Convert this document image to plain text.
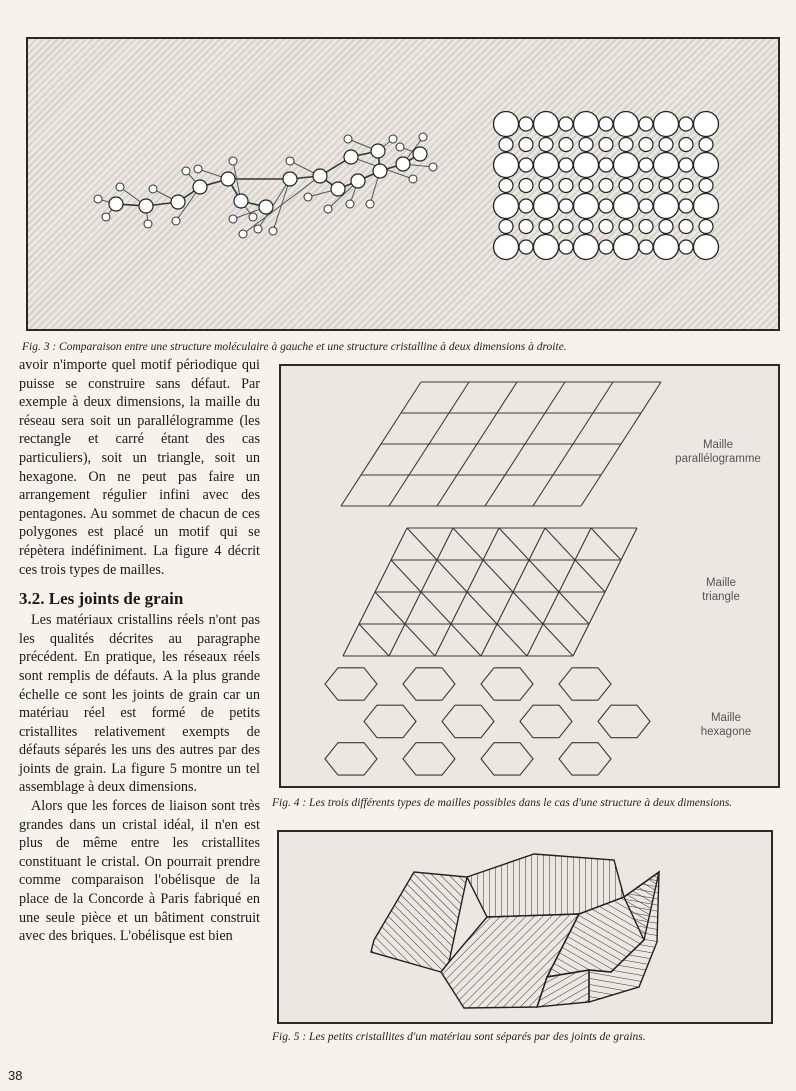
Fig. 3 : Comparaison entre une structure moléculaire à gauche et une structure cristalline à deux dimensions à droite.

avoir n'importe quel motif périodique qui puisse se construire sans défaut. Par exemple à deux dimensions, la maille du réseau sera soit un parallélogramme (les rectangle et carré étant des cas particuliers), soit un triangle, soit un hexagone. On ne peut pas faire un arrangement régulier infini avec des pentagones. Au sommet de chacun de ces polygones est placé un motif qui se répètera indéfiniment. La figure 4 décrit ces trois types de mailles.

3.2. Les joints de grain

Les matériaux cristallins réels n'ont pas les qualités décrites au paragraphe précédent. En pratique, les réseaux réels sont remplis de défauts. A la plus grande échelle ce sont les joints de grain car un matériau réel est formé de petits cristallites relativement exempts de défauts séparés les uns des autres par des joints de grain. La figure 5 montre un tel assemblage à deux dimensions.

Alors que les forces de liaison sont très grandes dans un cristal idéal, il n'en est plus de même entre les cristallites constituant le cristal. On pourrait prendre comme comparaison l'obélisque de la place de la Concorde à Paris fabriqué en une seule pièce et un bâtiment construit avec des briques. L'obélisque est bien

Maille
parallélogramme
Maille
triangle
Maille
hexagone
Fig. 4 : Les trois différents types de mailles possibles dans le cas d'une structure à deux dimensions.
Fig. 5 : Les petits cristallites d'un matériau sont séparés par des joints de grains.
38
